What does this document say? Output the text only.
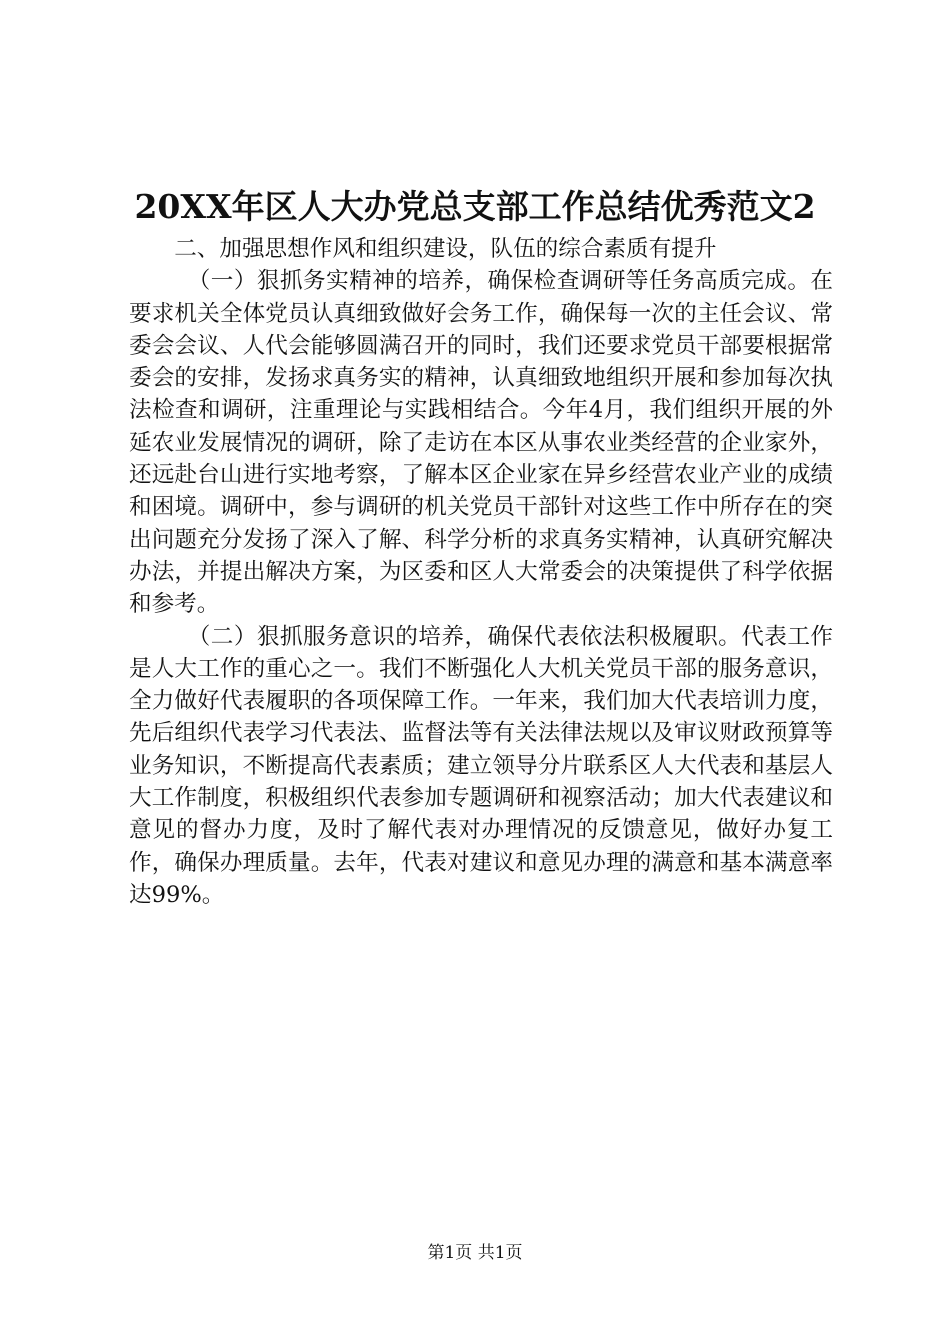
20XX年区人大办党总支部工作总结优秀范文2

二、加强思想作风和组织建设，队伍的综合素质有提升

（一）狠抓务实精神的培养，确保检查调研等任务高质完成。在要求机关全体党员认真细致做好会务工作，确保每一次的主任会议、常委会会议、人代会能够圆满召开的同时，我们还要求党员干部要根据常委会的安排，发扬求真务实的精神，认真细致地组织开展和参加每次执法检查和调研，注重理论与实践相结合。今年4月，我们组织开展的外延农业发展情况的调研，除了走访在本区从事农业类经营的企业家外，还远赴台山进行实地考察，了解本区企业家在异乡经营农业产业的成绩和困境。调研中，参与调研的机关党员干部针对这些工作中所存在的突出问题充分发扬了深入了解、科学分析的求真务实精神，认真研究解决办法，并提出解决方案，为区委和区人大常委会的决策提供了科学依据和参考。

（二）狠抓服务意识的培养，确保代表依法积极履职。代表工作是人大工作的重心之一。我们不断强化人大机关党员干部的服务意识，全力做好代表履职的各项保障工作。一年来，我们加大代表培训力度，先后组织代表学习代表法、监督法等有关法律法规以及审议财政预算等业务知识，不断提高代表素质；建立领导分片联系区人大代表和基层人大工作制度，积极组织代表参加专题调研和视察活动；加大代表建议和意见的督办力度，及时了解代表对办理情况的反馈意见，做好办复工作，确保办理质量。去年，代表对建议和意见办理的满意和基本满意率达99%。

第1页 共1页
